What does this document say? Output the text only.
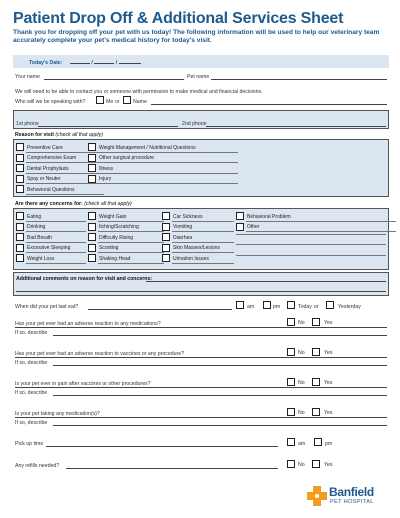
Patient Drop Off & Additional Services Sheet
Thank you for dropping off your pet with us today! The following information will be used to help our veterinary team accurately complete your pet's medical history for today's visit.
Today's Date:	/	/
Your name	Pet name
We will need to be able to contact you or someone with permission to make medical and financial decisions.
Who will we be speaking with?	Me or	Name
1st phone	2nd phone
Reason for visit (check all that apply)
Preventive Care
Comprehensive Exam
Dental Prophylaxis
Spay or Neuter
Behavioral Questions
Weight Management / Nutritional Questions
Other surgical procedure
Illness
Injury
Are there any concerns for: (check all that apply)
Eating
Drinking
Bad Breath
Excessive Sleeping
Weight Loss
Weight Gain
Itching/Scratching
Difficulty Rising
Scooting
Shaking Head
Car Sickness
Vomiting
Diarrhea
Skin Masses/Lesions
Urination Issues
Behavioral Problem
Other
Additional comments on reason for visit and concerns:
When did your pet last eat?	am	pm	Today or	Yesterday
Has your pet ever had an adverse reaction to any medications?	No	Yes
If so, describe
Has your pet ever had an adverse reaction to vaccines or any procedure?	No	Yes
If so, describe
Is your pet ever in pain after vaccines or other procedures?	No	Yes
If so, describe
Is your pet taking any medication(s)?	No	Yes
If so, describe
Pick up time	am	pm
Any refills needed?	No	Yes
Banfield
PET HOSPITAL
